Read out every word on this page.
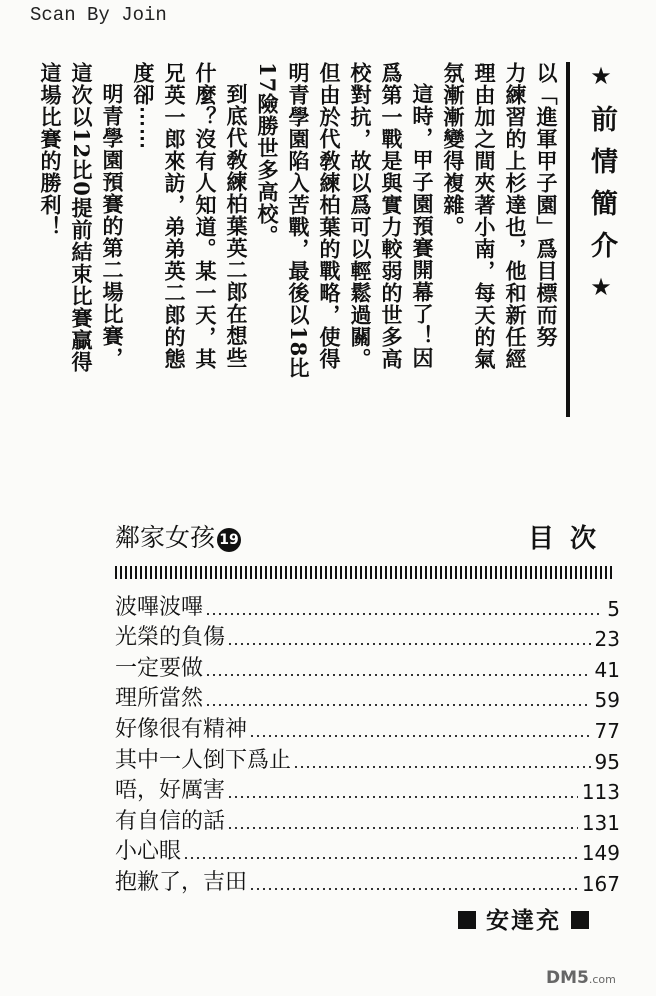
Scan By Join
★前情簡介★

以「進軍甲子園」爲目標而努

力練習的上杉達也，他和新任經

理由加之間夾著小南，每天的氣

氛漸漸變得複雜。

這時，甲子園預賽開幕了！因

爲第一戰是與實力較弱的世多高

校對抗，故以爲可以輕鬆過關。

但由於代敎練柏葉的戰略，使得

明青學園陷入苦戰，最後以18比

17險勝世多高校。

到底代敎練柏葉英二郎在想些

什麼？沒有人知道。某一天，其

兄英一郎來訪，弟弟英二郎的態

度卻⋯⋯

明青學園預賽的第二場比賽，

這次以12比0提前結束比賽贏得

這場比賽的勝利！

鄰家女孩 19	目次
波嗶波嗶	5
光榮的負傷	23
一定要做	41
理所當然	59
好像很有精神	77
其中一人倒下爲止	95
唔，好厲害	113
有自信的話	131
小心眼	149
抱歉了，吉田	167
安達充
DM5.com
